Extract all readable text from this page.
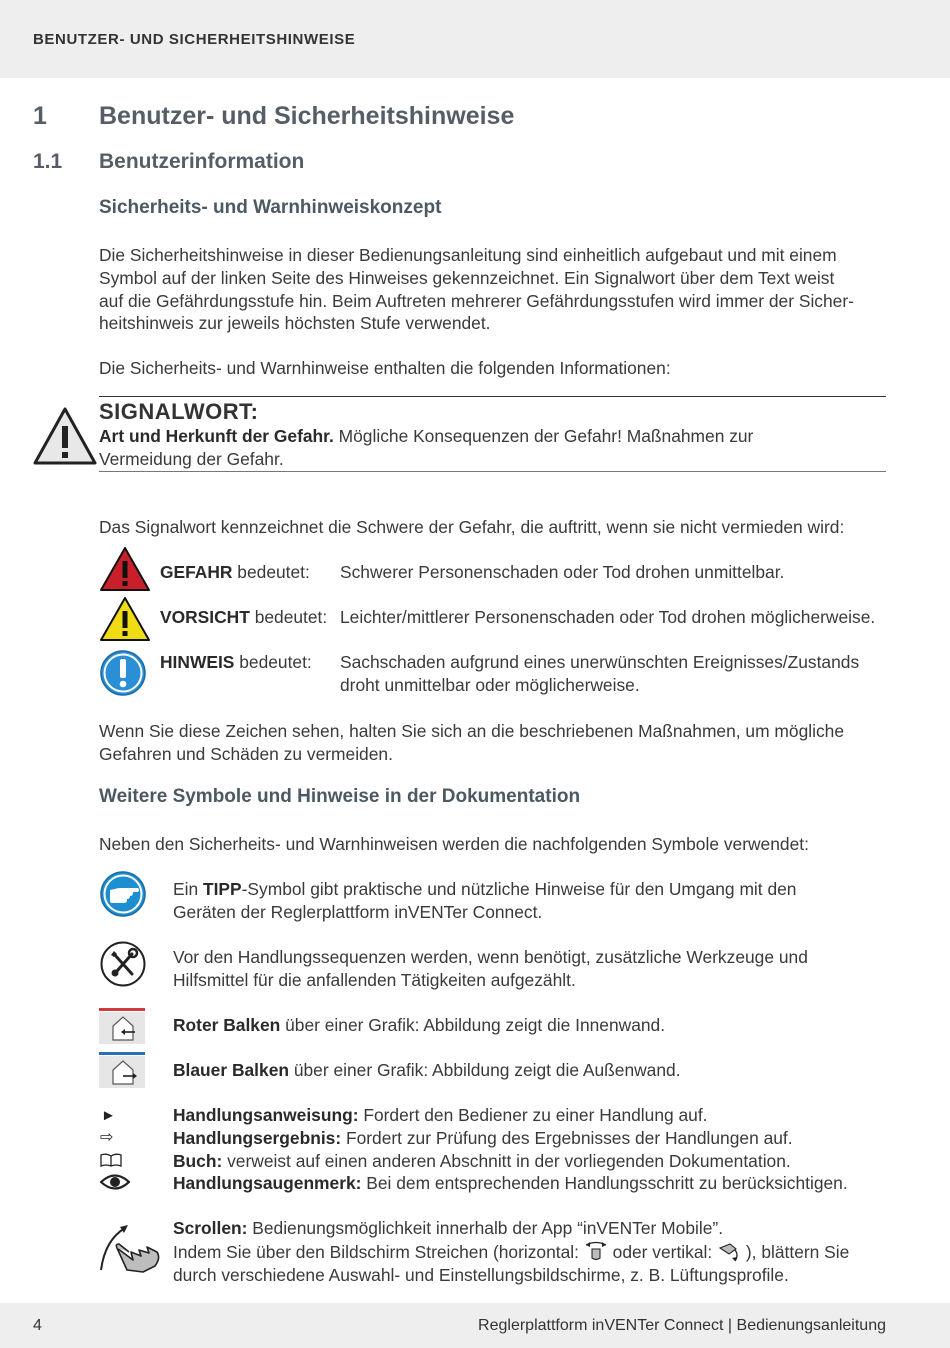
BENUTZER- UND SICHERHEITSHINWEISE
1 Benutzer- und Sicherheitshinweise
1.1 Benutzerinformation
Sicherheits- und Warnhinweiskonzept
Die Sicherheitshinweise in dieser Bedienungsanleitung sind einheitlich aufgebaut und mit einem
Symbol auf der linken Seite des Hinweises gekennzeichnet. Ein Signalwort über dem Text weist
auf die Gefährdungsstufe hin. Beim Auftreten mehrerer Gefährdungsstufen wird immer der Sicher-
heitshinweis zur jeweils höchsten Stufe verwendet.
Die Sicherheits- und Warnhinweise enthalten die folgenden Informationen:
SIGNALWORT:
Art und Herkunft der Gefahr. Mögliche Konsequenzen der Gefahr! Maßnahmen zur
Vermeidung der Gefahr.
Das Signalwort kennzeichnet die Schwere der Gefahr, die auftritt, wenn sie nicht vermieden wird:
GEFAHR bedeutet: Schwerer Personenschaden oder Tod drohen unmittelbar.
VORSICHT bedeutet: Leichter/mittlerer Personenschaden oder Tod drohen möglicherweise.
HINWEIS bedeutet: Sachschaden aufgrund eines unerwünschten Ereignisses/Zustands
droht unmittelbar oder möglicherweise.
Wenn Sie diese Zeichen sehen, halten Sie sich an die beschriebenen Maßnahmen, um mögliche
Gefahren und Schäden zu vermeiden.
Weitere Symbole und Hinweise in der Dokumentation
Neben den Sicherheits- und Warnhinweisen werden die nachfolgenden Symbole verwendet:
Ein TIPP-Symbol gibt praktische und nützliche Hinweise für den Umgang mit den
Geräten der Reglerplattform inVENTer Connect.
Vor den Handlungssequenzen werden, wenn benötigt, zusätzliche Werkzeuge und
Hilfsmittel für die anfallenden Tätigkeiten aufgezählt.
Roter Balken über einer Grafik: Abbildung zeigt die Innenwand.
Blauer Balken über einer Grafik: Abbildung zeigt die Außenwand.
►	Handlungsanweisung: Fordert den Bediener zu einer Handlung auf.
⇨	Handlungsergebnis: Fordert zur Prüfung des Ergebnisses der Handlungen auf.
Buch: verweist auf einen anderen Abschnitt in der vorliegenden Dokumentation.
Handlungsaugenmerk: Bei dem entsprechenden Handlungsschritt zu berücksichtigen.
Scrollen: Bedienungsmöglichkeit innerhalb der App “inVENTer Mobile”.
Indem Sie über den Bildschirm Streichen (horizontal:  oder vertikal:  ), blättern Sie
durch verschiedene Auswahl- und Einstellungsbildschirme, z. B. Lüftungsprofile.
4	Reglerplattform inVENTer Connect | Bedienungsanleitung
